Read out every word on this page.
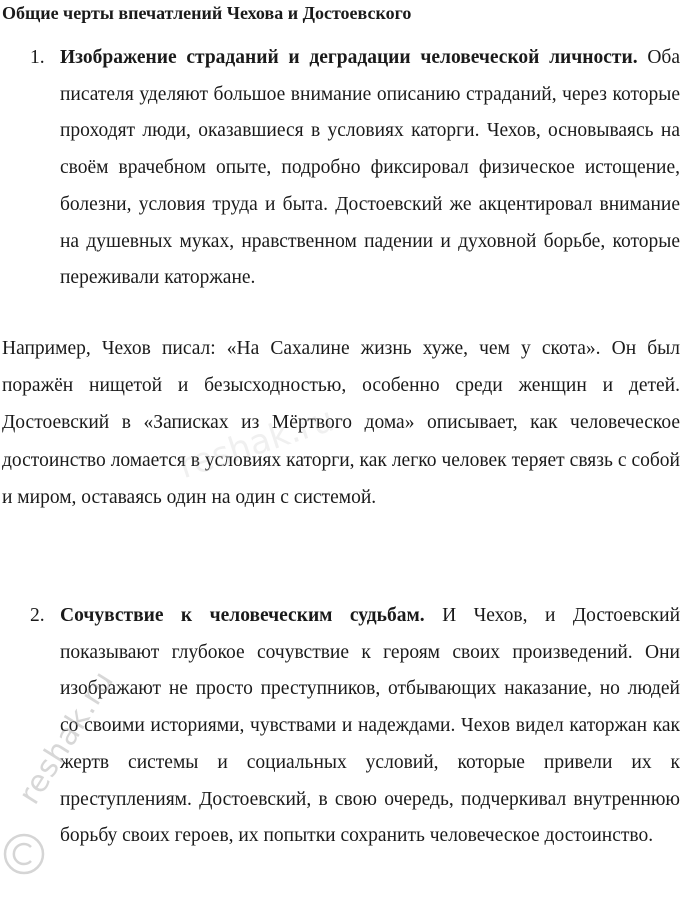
Общие черты впечатлений Чехова и Достоевского
1. Изображение страданий и деградации человеческой личности. Оба писателя уделяют большое внимание описанию страданий, через которые проходят люди, оказавшиеся в условиях каторги. Чехов, основываясь на своём врачебном опыте, подробно фиксировал физическое истощение, болезни, условия труда и быта. Достоевский же акцентировал внимание на душевных муках, нравственном падении и духовной борьбе, которые переживали каторжане.
Например, Чехов писал: «На Сахалине жизнь хуже, чем у скота». Он был поражён нищетой и безысходностью, особенно среди женщин и детей. Достоевский в «Записках из Мёртвого дома» описывает, как человеческое достоинство ломается в условиях каторги, как легко человек теряет связь с собой и миром, оставаясь один на один с системой.
2. Сочувствие к человеческим судьбам. И Чехов, и Достоевский показывают глубокое сочувствие к героям своих произведений. Они изображают не просто преступников, отбывающих наказание, но людей со своими историями, чувствами и надеждами. Чехов видел каторжан как жертв системы и социальных условий, которые привели их к преступлениям. Достоевский, в свою очередь, подчеркивал внутреннюю борьбу своих героев, их попытки сохранить человеческое достоинство.
reshak.ru
reshak.ru
